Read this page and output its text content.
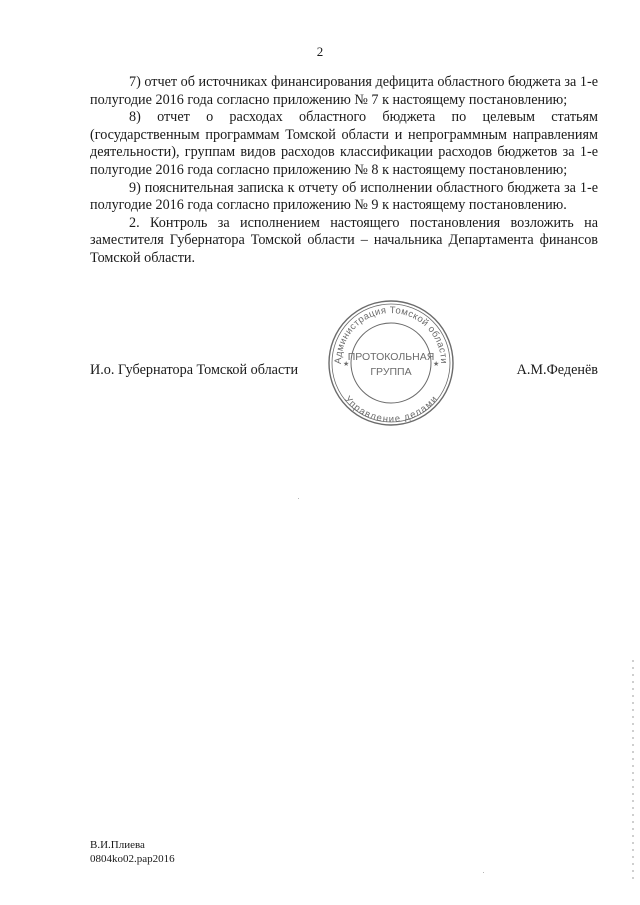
2

7) отчет об источниках финансирования дефицита областного бюджета за 1-е полугодие 2016 года согласно приложению № 7 к настоящему постановлению;

8) отчет о расходах областного бюджета по целевым статьям (государственным программам Томской области и непрограммным направлениям деятельности), группам видов расходов классификации расходов бюджетов за 1-е полугодие 2016 года согласно приложению № 8 к настоящему постановлению;

9) пояснительная записка к отчету об исполнении областного бюджета за 1-е полугодие 2016 года согласно приложению № 9 к настоящему постановлению.

2. Контроль за исполнением настоящего постановления возложить на заместителя Губернатора Томской области – начальника Департамента финансов Томской области.

И.о. Губернатора Томской области	А.М.Феденёв
Администрация Томской области
Управление делами
★	★
ПРОТОКОЛЬНАЯ
ГРУППА
В.И.Плиева
0804ko02.pap2016
